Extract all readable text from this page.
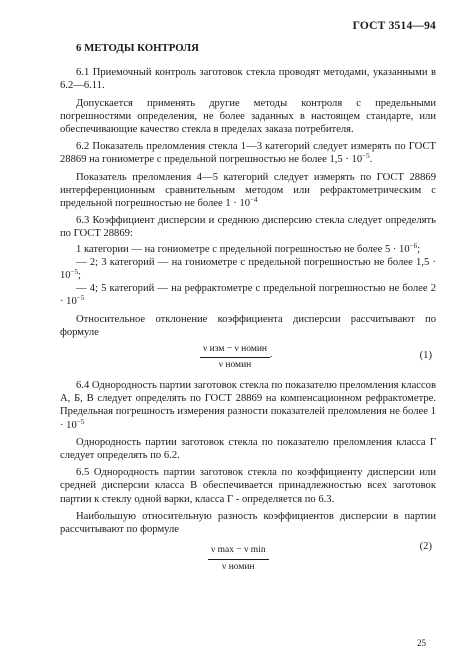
ГОСТ 3514—94
6 МЕТОДЫ КОНТРОЛЯ

6.1 Приемочный контроль заготовок стекла проводят методами, указанными в 6.2—6.11.

Допускается применять другие методы контроля с предельными погрешностями определения, не более заданных в настоящем стандарте, или обеспечивающие качество стекла в пределах заказа потребителя.

6.2 Показатель преломления стекла 1—3 категорий следует измерять по ГОСТ 28869 на гониометре с предельной погрешностью не более $1,5 \cdot 10^{-5}$.

Показатель преломления 4—5 категорий следует измерять по ГОСТ 28869 интерференционным сравнительным методом или рефрактометрическим с предельной погрешностью не более $1 \cdot 10^{-4}$

6.3 Коэффициент дисперсии и среднюю дисперсию стекла следует определять по ГОСТ 28869:

1 категории — на гониометре с предельной погрешностью не более $5 \cdot 10^{-6}$;

— 2; 3 категорий — на гониометре с предельной погрешностью не более $1,5 \cdot 10^{-5}$;

— 4; 5 категорий — на рефрактометре с предельной погрешностью не более $2 \cdot 10^{-5}$

Относительное отклонение коэффициента дисперсии рассчитывают по формуле

ν изм − ν номин
ν номин
.	(1)

6.4 Однородность партии заготовок стекла по показателю преломления классов А, Б, В следует определять по ГОСТ 28869 на компенсационном рефрактометре. Предельная погрешность измерения разности показателей преломления не более $1 \cdot 10^{-5}$

Однородность партии заготовок стекла по показателю преломления класса Г следует определять по 6.2.

6.5 Однородность партии заготовок стекла по коэффициенту дисперсии или средней дисперсии класса В обеспечивается принадлежностью всех заготовок партии к стеклу одной варки, класса Г - определяется по 6.3.

Наибольшую относительную разность коэффициентов дисперсии в партии рассчитывают по формуле

ν max − ν min
ν номин
(2)
25
